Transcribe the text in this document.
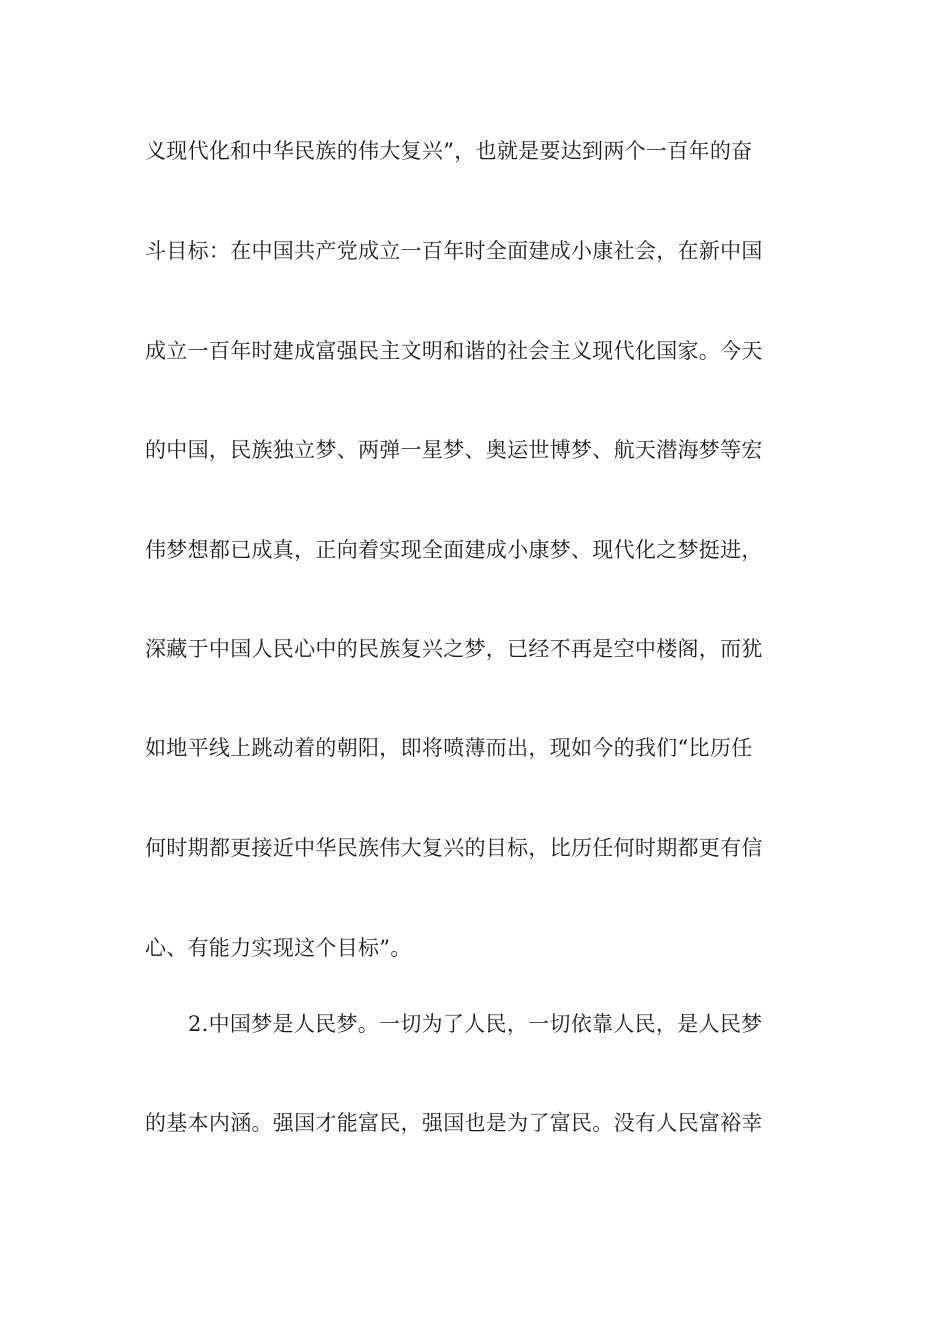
义现代化和中华民族的伟大复兴”，也就是要达到两个一百年的奋
斗目标：在中国共产党成立一百年时全面建成小康社会，在新中国
成立一百年时建成富强民主文明和谐的社会主义现代化国家。今天
的中国，民族独立梦、两弹一星梦、奥运世博梦、航天潜海梦等宏
伟梦想都已成真，正向着实现全面建成小康梦、现代化之梦挺进，
深藏于中国人民心中的民族复兴之梦，已经不再是空中楼阁，而犹
如地平线上跳动着的朝阳，即将喷薄而出，现如今的我们“比历任
何时期都更接近中华民族伟大复兴的目标，比历任何时期都更有信
心、有能力实现这个目标”。
2.中国梦是人民梦。一切为了人民，一切依靠人民，是人民梦
的基本内涵。强国才能富民，强国也是为了富民。没有人民富裕幸
